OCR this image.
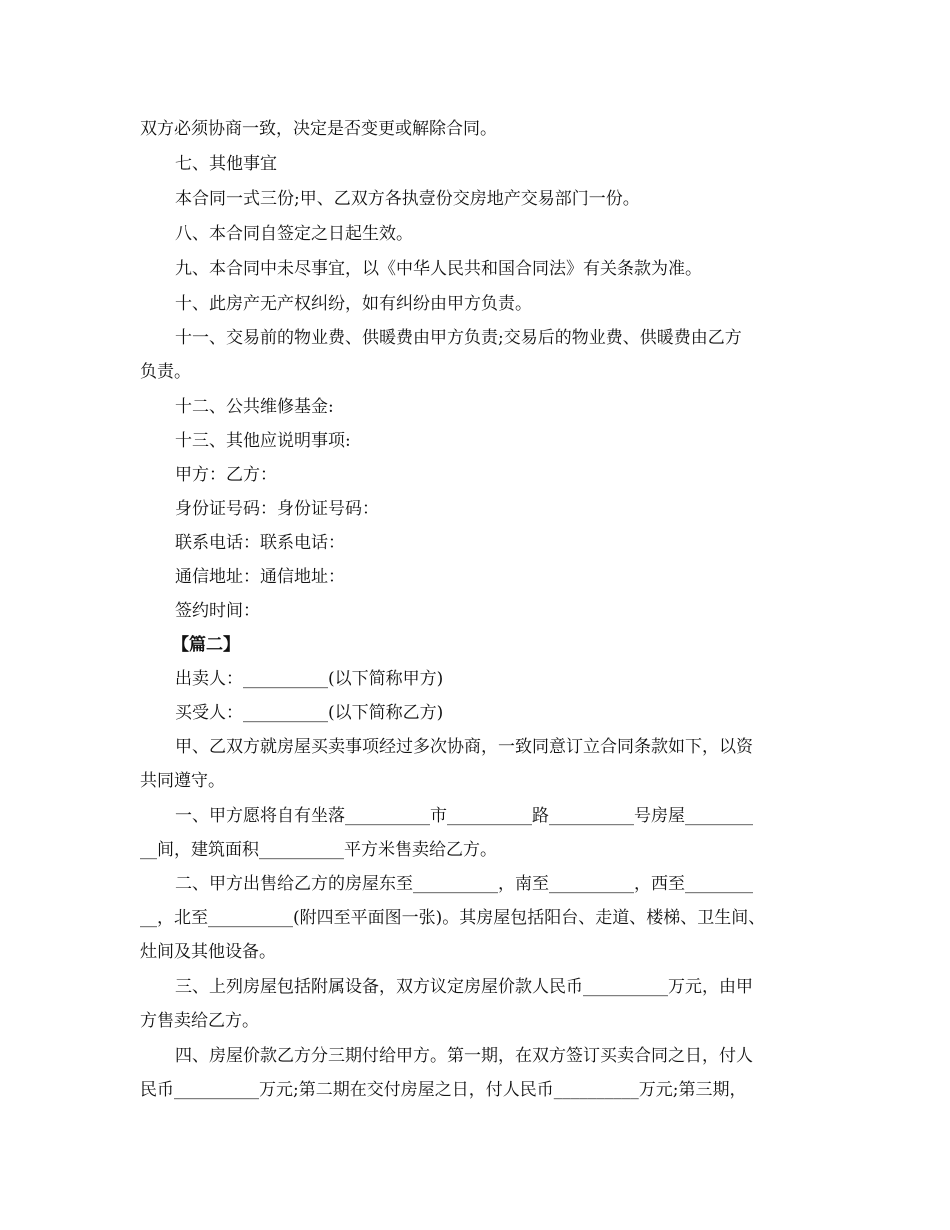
双方必须协商一致，决定是否变更或解除合同。
七、其他事宜
本合同一式三份;甲、乙双方各执壹份交房地产交易部门一份。
八、本合同自签定之日起生效。
九、本合同中未尽事宜，以《中华人民共和国合同法》有关条款为准。
十、此房产无产权纠纷，如有纠纷由甲方负责。
十一、交易前的物业费、供暖费由甲方负责;交易后的物业费、供暖费由乙方
负责。
十二、公共维修基金:
十三、其他应说明事项:
甲方：乙方：
身份证号码：身份证号码：
联系电话：联系电话：
通信地址：通信地址：
签约时间：
【篇二】
出卖人：__________(以下简称甲方)
买受人：__________(以下简称乙方)
甲、乙双方就房屋买卖事项经过多次协商，一致同意订立合同条款如下，以资
共同遵守。
一、甲方愿将自有坐落__________市__________路__________号房屋________
__间，建筑面积__________平方米售卖给乙方。
二、甲方出售给乙方的房屋东至__________，南至__________，西至________
__，北至__________(附四至平面图一张)。其房屋包括阳台、走道、楼梯、卫生间、
灶间及其他设备。
三、上列房屋包括附属设备，双方议定房屋价款人民币__________万元，由甲
方售卖给乙方。
四、房屋价款乙方分三期付给甲方。第一期，在双方签订买卖合同之日，付人
民币__________万元;第二期在交付房屋之日，付人民币__________万元;第三期，
